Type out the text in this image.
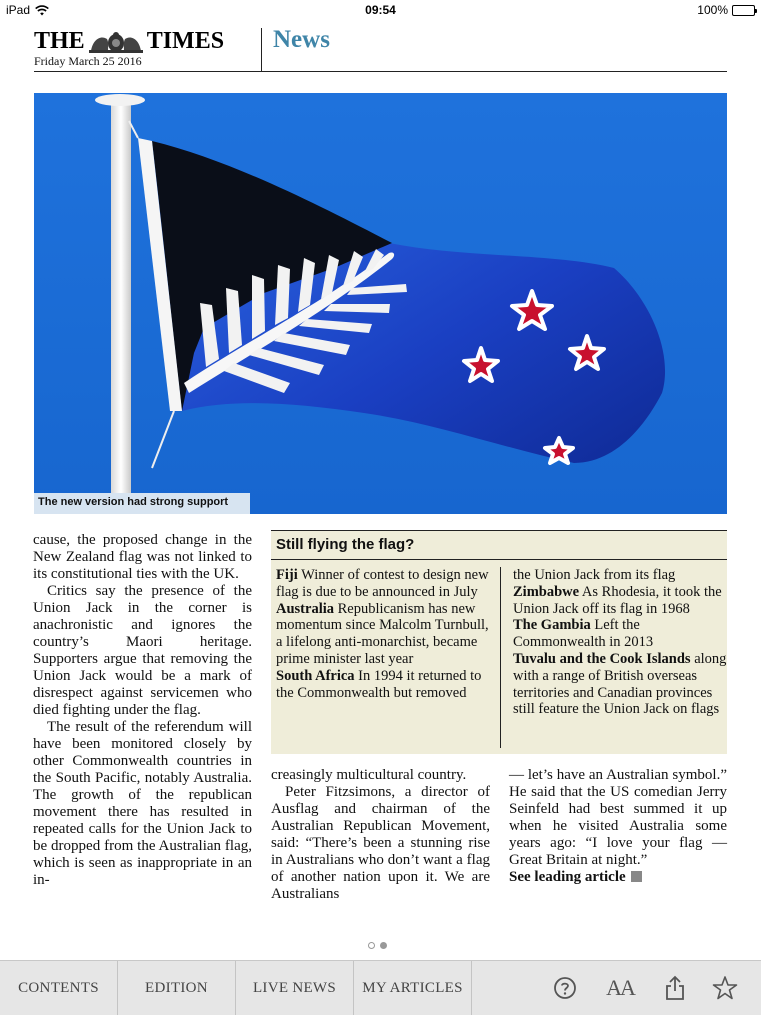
iPad	09:54	100%
THE	TIMES
Friday March 25 2016
News
The new version had strong support

cause, the proposed change in the New Zealand flag was not linked to its constitutional ties with the UK.

Critics say the presence of the Union Jack in the corner is anachronistic and ignores the country’s Maori heritage. Supporters argue that removing the Union Jack would be a mark of disrespect against servicemen who died fighting under the flag.

The result of the referendum will have been monitored closely by other Commonwealth countries in the South Pacific, notably Australia. The growth of the republican movement there has resulted in repeated calls for the Union Jack to be dropped from the Australian flag, which is seen as inappropriate in an in-

Still flying the flag?
Fiji Winner of contest to design new flag is due to be announced in July
Australia Republicanism has new momentum since Malcolm Turnbull, a lifelong anti-monarchist, became prime minister last year
South Africa In 1994 it returned to the Commonwealth but removed
the Union Jack from its flag
Zimbabwe As Rhodesia, it took the Union Jack off its flag in 1968
The Gambia Left the Commonwealth in 2013
Tuvalu and the Cook Islands along with a range of British overseas territories and Canadian provinces still feature the Union Jack on flags

creasingly multicultural country.

Peter Fitzsimons, a director of Ausflag and chairman of the Australian Republican Movement, said: “There’s been a stunning rise in Australians who don’t want a flag of another nation upon it. We are Australians

— let’s have an Australian symbol.” He said that the US comedian Jerry Seinfeld had best summed it up when he visited Australia some years ago: “I love your flag — Great Britain at night.”

See leading article

CONTENTS	EDITION	LIVE NEWS	MY ARTICLES	AA
